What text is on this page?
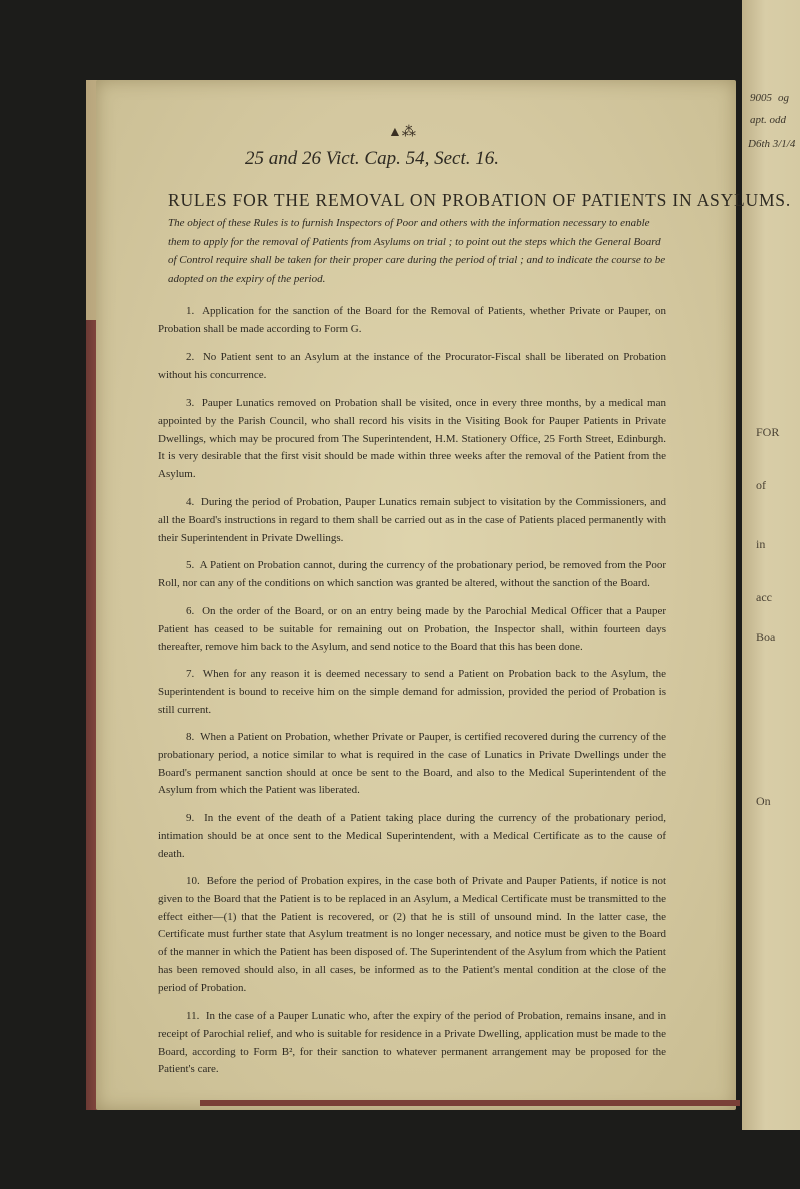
9005 og
apt. odd
D6th 3/1/4
FOR
of
in
acc
Boa
On
▲⁂
25 and 26 Vict. Cap. 54, Sect. 16.
RULES FOR THE REMOVAL ON PROBATION OF PATIENTS IN ASYLUMS.
The object of these Rules is to furnish Inspectors of Poor and others with the information necessary to enable them to apply for the removal of Patients from Asylums on trial ; to point out the steps which the General Board of Control require shall be taken for their proper care during the period of trial ; and to indicate the course to be adopted on the expiry of the period.
1. Application for the sanction of the Board for the Removal of Patients, whether Private or Pauper, on Probation shall be made according to Form G.
2. No Patient sent to an Asylum at the instance of the Procurator-Fiscal shall be liberated on Probation without his concurrence.
3. Pauper Lunatics removed on Probation shall be visited, once in every three months, by a medical man appointed by the Parish Council, who shall record his visits in the Visiting Book for Pauper Patients in Private Dwellings, which may be procured from The Superintendent, H.M. Stationery Office, 25 Forth Street, Edinburgh. It is very desirable that the first visit should be made within three weeks after the removal of the Patient from the Asylum.
4. During the period of Probation, Pauper Lunatics remain subject to visitation by the Commissioners, and all the Board's instructions in regard to them shall be carried out as in the case of Patients placed permanently with their Superintendent in Private Dwellings.
5. A Patient on Probation cannot, during the currency of the probationary period, be removed from the Poor Roll, nor can any of the conditions on which sanction was granted be altered, without the sanction of the Board.
6. On the order of the Board, or on an entry being made by the Parochial Medical Officer that a Pauper Patient has ceased to be suitable for remaining out on Probation, the Inspector shall, within fourteen days thereafter, remove him back to the Asylum, and send notice to the Board that this has been done.
7. When for any reason it is deemed necessary to send a Patient on Probation back to the Asylum, the Superintendent is bound to receive him on the simple demand for admission, provided the period of Probation is still current.
8. When a Patient on Probation, whether Private or Pauper, is certified recovered during the currency of the probationary period, a notice similar to what is required in the case of Lunatics in Private Dwellings under the Board's permanent sanction should at once be sent to the Board, and also to the Medical Superintendent of the Asylum from which the Patient was liberated.
9. In the event of the death of a Patient taking place during the currency of the probationary period, intimation should be at once sent to the Medical Superintendent, with a Medical Certificate as to the cause of death.
10. Before the period of Probation expires, in the case both of Private and Pauper Patients, if notice is not given to the Board that the Patient is to be replaced in an Asylum, a Medical Certificate must be transmitted to the effect either—(1) that the Patient is recovered, or (2) that he is still of unsound mind. In the latter case, the Certificate must further state that Asylum treatment is no longer necessary, and notice must be given to the Board of the manner in which the Patient has been disposed of. The Superintendent of the Asylum from which the Patient has been removed should also, in all cases, be informed as to the Patient's mental condition at the close of the period of Probation.
11. In the case of a Pauper Lunatic who, after the expiry of the period of Probation, remains insane, and in receipt of Parochial relief, and who is suitable for residence in a Private Dwelling, application must be made to the Board, according to Form B², for their sanction to whatever permanent arrangement may be proposed for the Patient's care.
